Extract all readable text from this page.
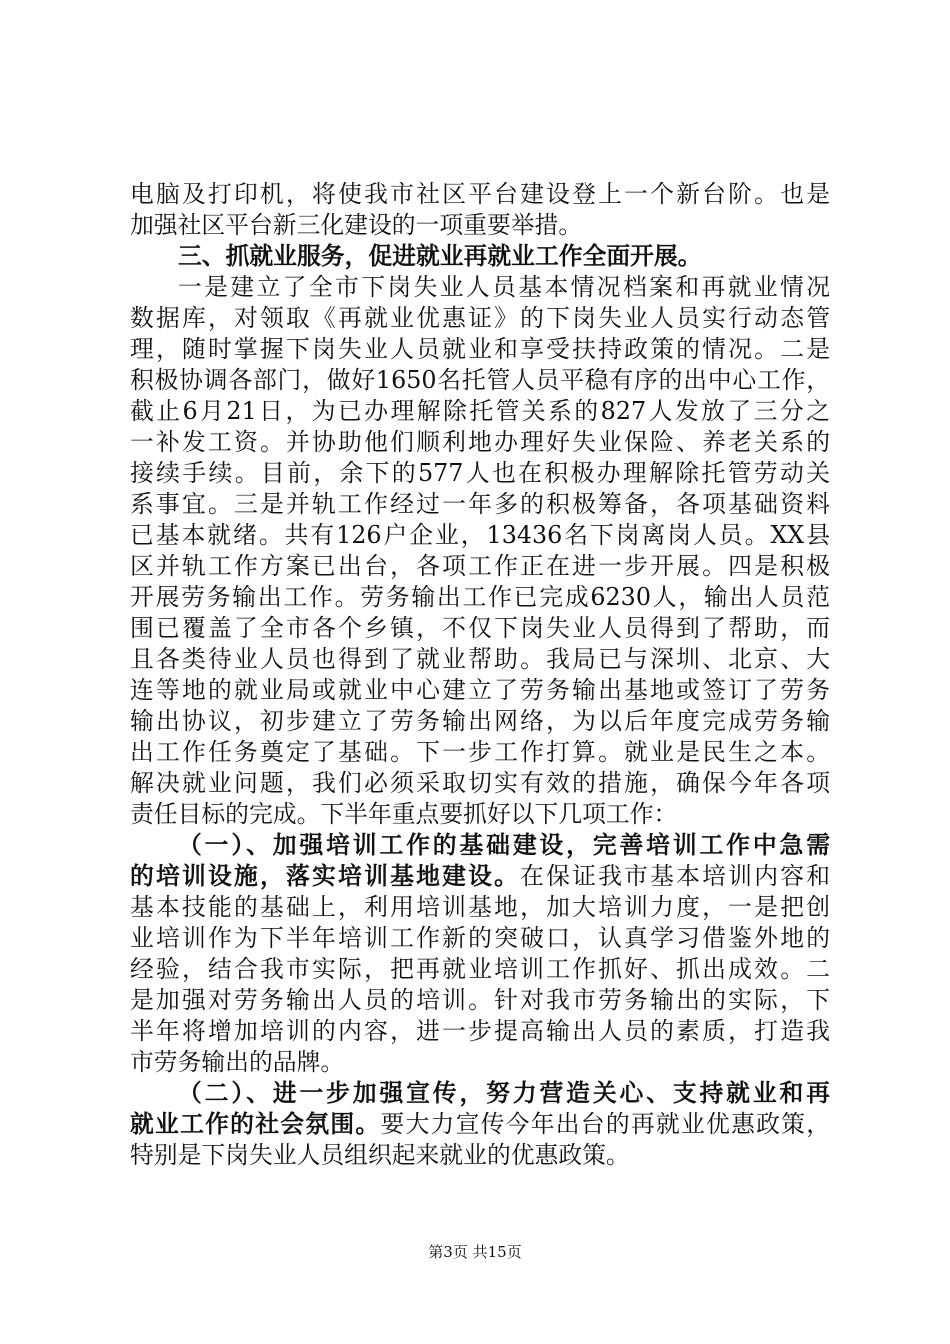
电脑及打印机，将使我市社区平台建设登上一个新台阶。也是
加强社区平台新三化建设的一项重要举措。
三、抓就业服务，促进就业再就业工作全面开展。
一是建立了全市下岗失业人员基本情况档案和再就业情况
数据库，对领取《再就业优惠证》的下岗失业人员实行动态管
理，随时掌握下岗失业人员就业和享受扶持政策的情况。二是
积极协调各部门，做好1650名托管人员平稳有序的出中心工作，
截止6月21日，为已办理解除托管关系的827人发放了三分之
一补发工资。并协助他们顺利地办理好失业保险、养老关系的
接续手续。目前，余下的577人也在积极办理解除托管劳动关
系事宜。三是并轨工作经过一年多的积极筹备，各项基础资料
已基本就绪。共有126户企业，13436名下岗离岗人员。XX县
区并轨工作方案已出台，各项工作正在进一步开展。四是积极
开展劳务输出工作。劳务输出工作已完成6230人，输出人员范
围已覆盖了全市各个乡镇，不仅下岗失业人员得到了帮助，而
且各类待业人员也得到了就业帮助。我局已与深圳、北京、大
连等地的就业局或就业中心建立了劳务输出基地或签订了劳务
输出协议，初步建立了劳务输出网络，为以后年度完成劳务输
出工作任务奠定了基础。下一步工作打算。就业是民生之本。
解决就业问题，我们必须采取切实有效的措施，确保今年各项
责任目标的完成。下半年重点要抓好以下几项工作：
（一）、加强培训工作的基础建设，完善培训工作中急需
的培训设施，落实培训基地建设。在保证我市基本培训内容和
基本技能的基础上，利用培训基地，加大培训力度，一是把创
业培训作为下半年培训工作新的突破口，认真学习借鉴外地的
经验，结合我市实际，把再就业培训工作抓好、抓出成效。二
是加强对劳务输出人员的培训。针对我市劳务输出的实际，下
半年将增加培训的内容，进一步提高输出人员的素质，打造我
市劳务输出的品牌。
（二）、进一步加强宣传，努力营造关心、支持就业和再
就业工作的社会氛围。要大力宣传今年出台的再就业优惠政策，
特别是下岗失业人员组织起来就业的优惠政策。
第3页 共15页
